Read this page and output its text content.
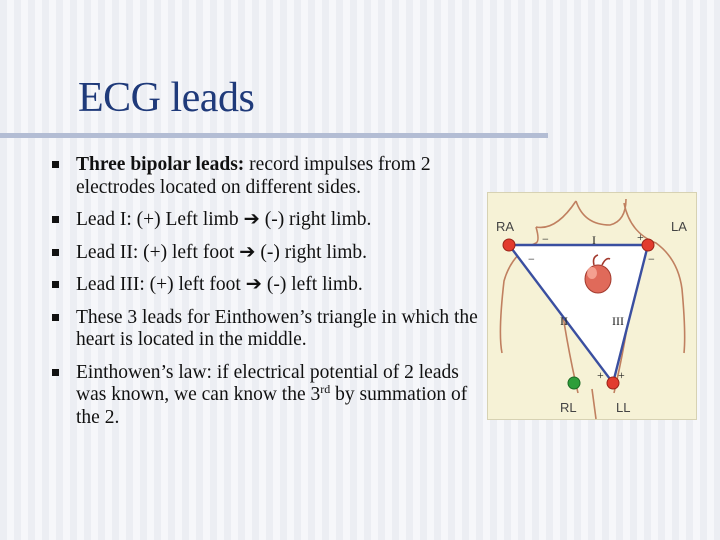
ECG leads
Three bipolar leads: record impulses from 2 electrodes located on different sides.
Lead I: (+) Left limb ➔ (-) right limb.
Lead II: (+) left foot ➔ (-) right limb.
Lead III: (+) left foot ➔ (-) left limb.
These 3 leads for Einthowen’s triangle in which the heart is located in the middle.
Einthowen’s law: if electrical potential of 2 leads was known, we can know the 3rd by summation of the 2.
RA	LA
RL	LL
I
II	III
−	+
−	−
+ +
